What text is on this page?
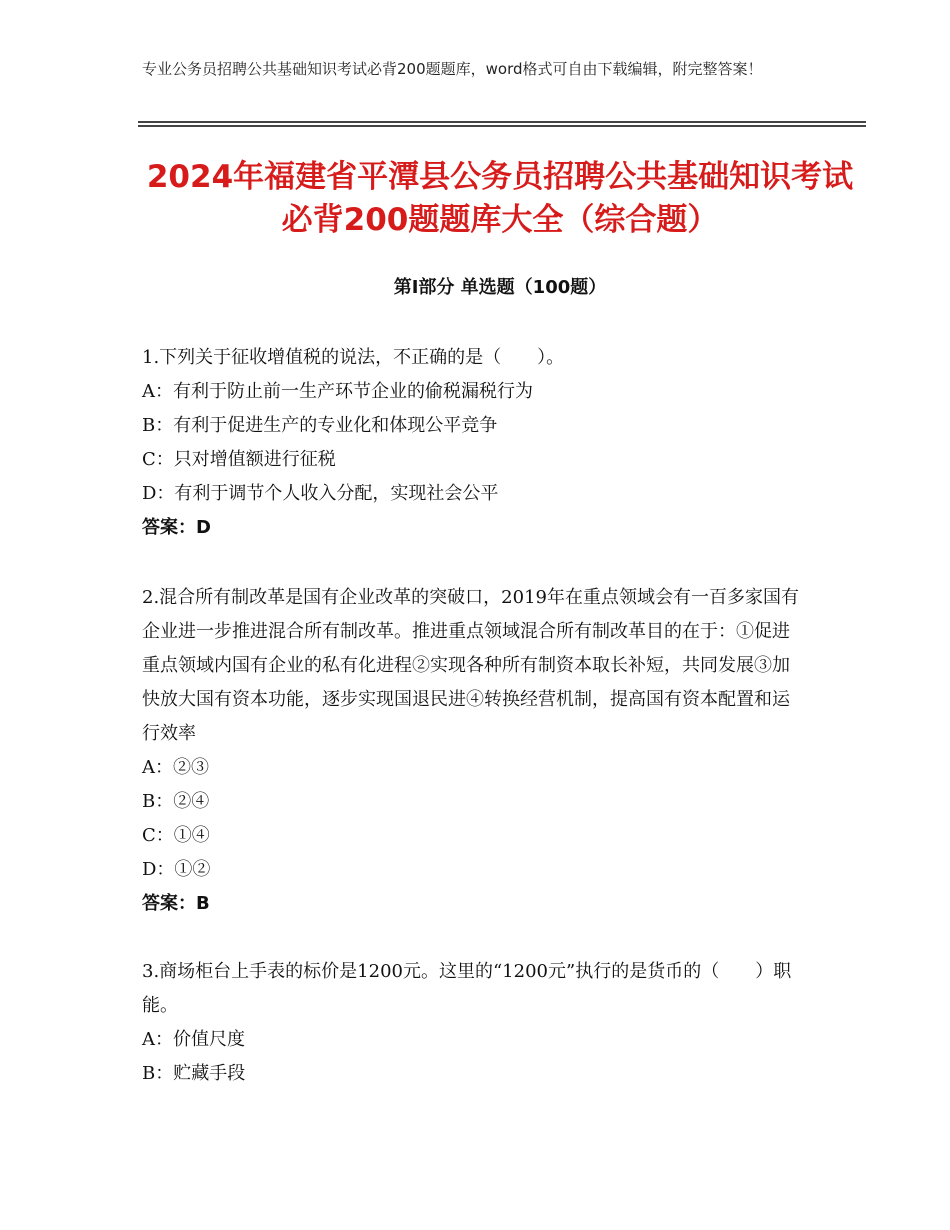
专业公务员招聘公共基础知识考试必背200题题库，word格式可自由下载编辑，附完整答案！
2024年福建省平潭县公务员招聘公共基础知识考试必背200题题库大全（综合题）
第Ⅰ部分 单选题（100题）

1.下列关于征收增值税的说法，不正确的是（　　）。

A：有利于防止前一生产环节企业的偷税漏税行为

B：有利于促进生产的专业化和体现公平竞争

C：只对增值额进行征税

D：有利于调节个人收入分配，实现社会公平

答案：D

2.混合所有制改革是国有企业改革的突破口，2019年在重点领域会有一百多家国有企业进一步推进混合所有制改革。推进重点领域混合所有制改革目的在于：①促进重点领域内国有企业的私有化进程②实现各种所有制资本取长补短，共同发展③加快放大国有资本功能，逐步实现国退民进④转换经营机制，提高国有资本配置和运行效率

A：②③

B：②④

C：①④

D：①②

答案：B

3.商场柜台上手表的标价是1200元。这里的“1200元”执行的是货币的（　　）职能。

A：价值尺度

B：贮藏手段
